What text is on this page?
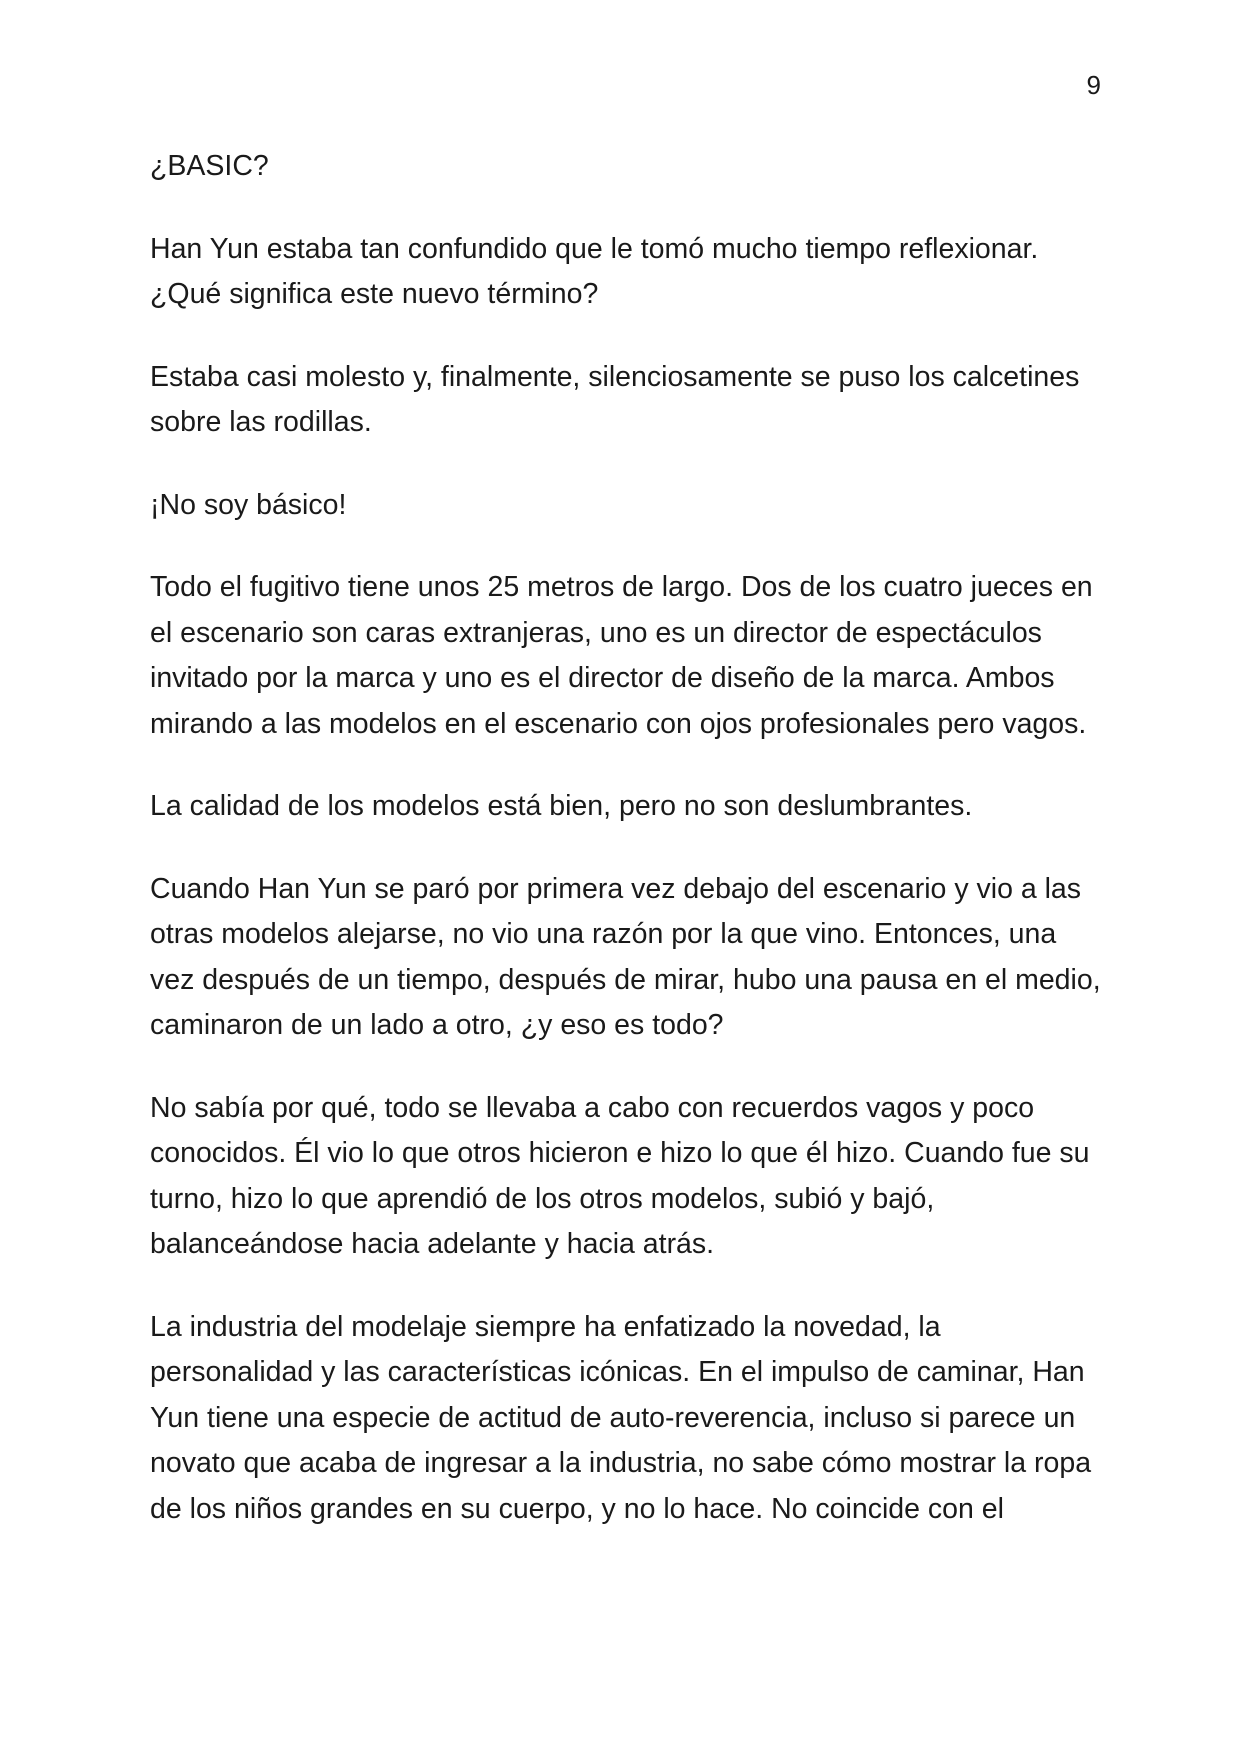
9

¿BASIC?

Han Yun estaba tan confundido que le tomó mucho tiempo reflexionar.
¿Qué significa este nuevo término?

Estaba casi molesto y, finalmente, silenciosamente se puso los calcetines
sobre las rodillas.

¡No soy básico!

Todo el fugitivo tiene unos 25 metros de largo. Dos de los cuatro jueces en
el escenario son caras extranjeras, uno es un director de espectáculos
invitado por la marca y uno es el director de diseño de la marca. Ambos
mirando a las modelos en el escenario con ojos profesionales pero vagos.

La calidad de los modelos está bien, pero no son deslumbrantes.

Cuando Han Yun se paró por primera vez debajo del escenario y vio a las
otras modelos alejarse, no vio una razón por la que vino. Entonces, una
vez después de un tiempo, después de mirar, hubo una pausa en el medio,
caminaron de un lado a otro, ¿y eso es todo?

No sabía por qué, todo se llevaba a cabo con recuerdos vagos y poco
conocidos. Él vio lo que otros hicieron e hizo lo que él hizo. Cuando fue su
turno, hizo lo que aprendió de los otros modelos, subió y bajó,
balanceándose hacia adelante y hacia atrás.

La industria del modelaje siempre ha enfatizado la novedad, la
personalidad y las características icónicas. En el impulso de caminar, Han
Yun tiene una especie de actitud de auto-reverencia, incluso si parece un
novato que acaba de ingresar a la industria, no sabe cómo mostrar la ropa
de los niños grandes en su cuerpo, y no lo hace. No coincide con el
